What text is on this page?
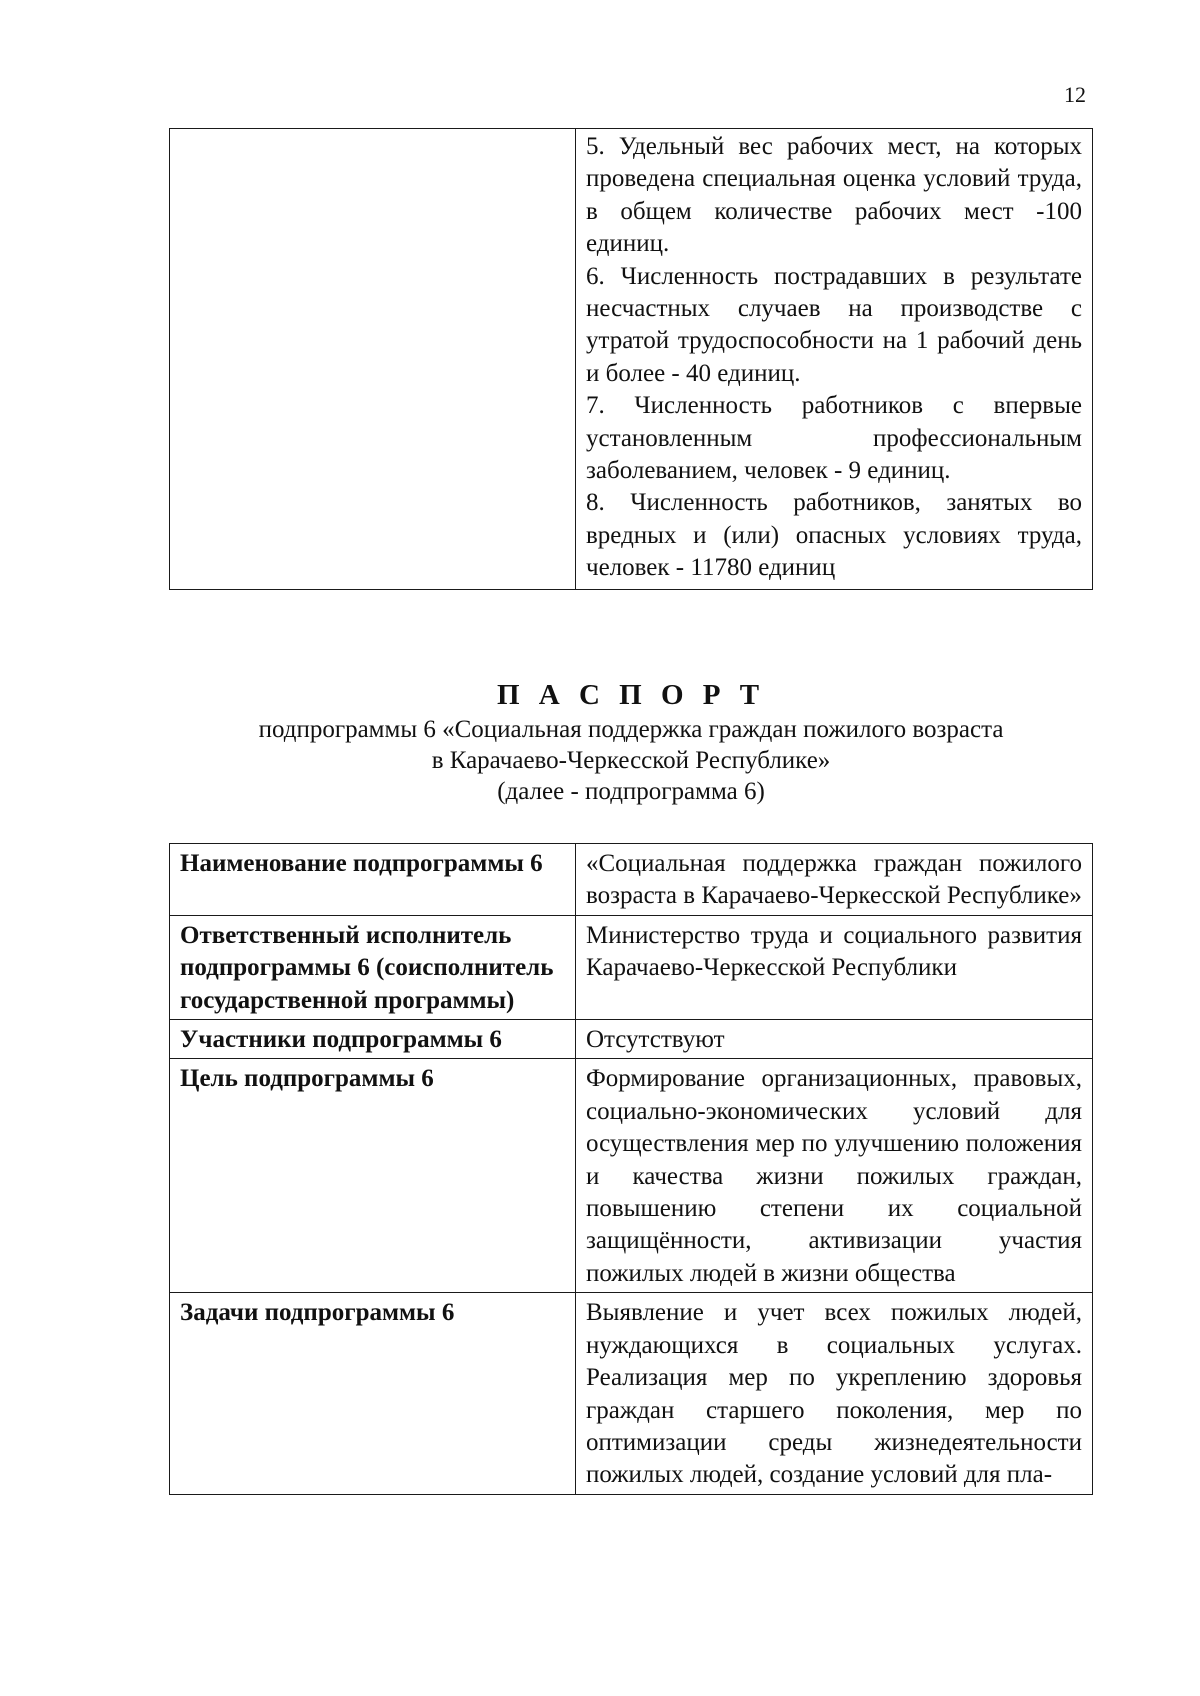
12

5. Удельный вес рабочих мест, на которых проведена специальная оценка условий труда, в общем количестве рабочих мест -100 единиц.
6. Численность пострадавших в результате несчастных случаев на производстве с утратой трудоспособности на 1 рабочий день и более - 40 единиц.
7. Численность работников с впервые установленным профессиональным заболеванием, человек - 9 единиц.
8. Численность работников, занятых во вредных и (или) опасных условиях труда, человек - 11780 единиц
П А С П О Р Т
подпрограммы 6 «Социальная поддержка граждан пожилого возраста
в Карачаево-Черкесской Республике»
(далее - подпрограмма 6)
Наименование подпрограммы 6	«Социальная поддержка граждан пожилого возраста в Карачаево-Черкесской Республике»
Ответственный исполнитель подпрограммы 6 (соисполнитель государственной программы)	Министерство труда и социального развития Карачаево-Черкесской Республики
Участники подпрограммы 6	Отсутствуют
Цель подпрограммы 6	Формирование организационных, правовых, социально-экономических условий для осуществления мер по улучшению положения и качества жизни пожилых граждан, повышению степени их социальной защищённости, активизации участия пожилых людей в жизни общества
Задачи подпрограммы 6	Выявление и учет всех пожилых людей, нуждающихся в социальных услугах. Реализация мер по укреплению здоровья граждан старшего поколения, мер по оптимизации среды жизнедеятельности пожилых людей, создание условий для пла-
